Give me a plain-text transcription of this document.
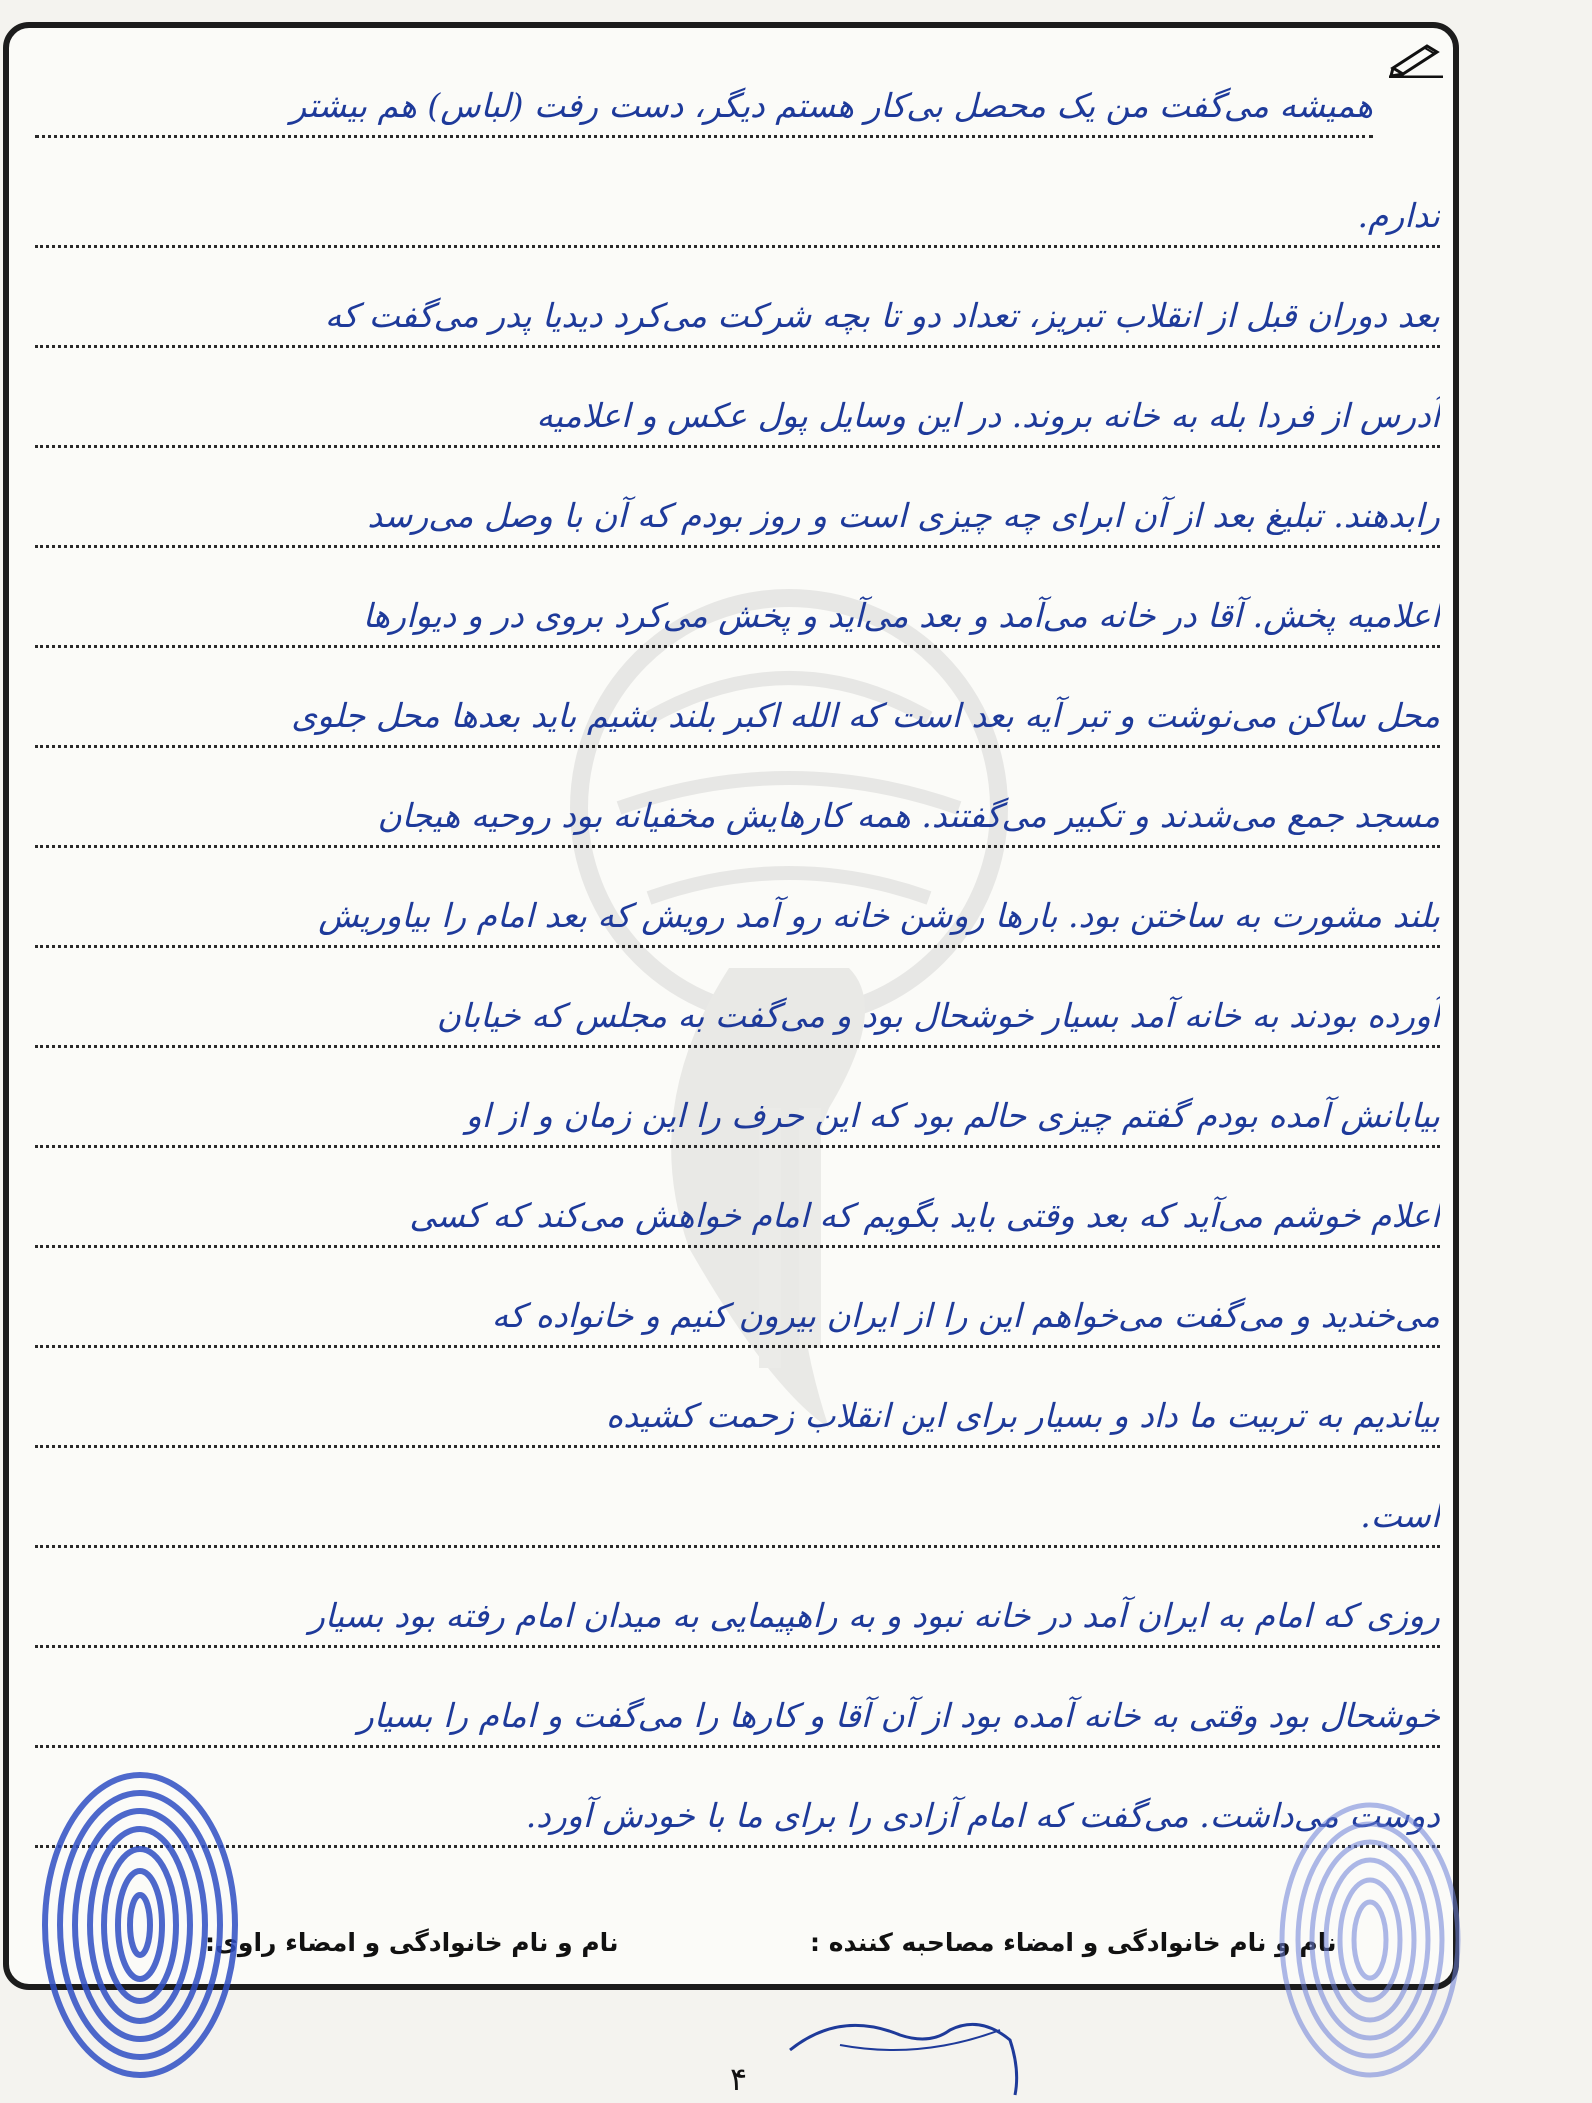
همیشه می‌گفت من یک محصل بی‌کار هستم دیگر، دست رفت (لباس) هم بیشتر
ندارم.
بعد دوران قبل از انقلاب تبریز، تعداد دو تا بچه شرکت می‌کرد دیدیا پدر می‌گفت که
آدرس از فردا بله به خانه بروند. در این وسایل پول عکس و اعلامیه
رابدهند. تبلیغ بعد از آن ابرای چه چیزی است و روز بودم که آن با وصل می‌رسد
اعلامیه پخش. آقا در خانه می‌آمد و بعد می‌آید و پخش می‌کرد بروی در و دیوارها
محل ساکن می‌نوشت و تبر آیه بعد است که الله اکبر بلند بشیم باید بعدها محل جلوی
مسجد جمع می‌شدند و تکبیر می‌گفتند. همه کارهایش مخفیانه بود روحیه هیجان
بلند مشورت به ساختن بود. بارها روشن خانه رو آمد رویش که بعد امام را بیاوریش
آورده بودند به خانه آمد بسیار خوشحال بود و می‌گفت به مجلس که خیابان
بیابانش آمده بودم گفتم چیزی حالم بود که این حرف را این زمان و از او
اعلام خوشم می‌آید که بعد وقتی باید بگویم که امام خواهش می‌کند که کسی
می‌خندید و می‌گفت می‌خواهم این را از ایران بیرون کنیم و خانواده که
بیاندیم به تربیت ما داد و بسیار برای این انقلاب زحمت کشیده
است.
روزی که امام به ایران آمد در خانه نبود و به راهپیمایی به میدان امام رفته بود بسیار
خوشحال بود وقتی به خانه آمده بود از آن آقا و کارها را می‌گفت و امام را بسیار
دوست می‌داشت. می‌گفت که امام آزادی را برای ما با خودش آورد.
نام و نام خانوادگی و امضاء مصاحبه کننده :
نام و نام خانوادگی و امضاء راوی:
۴
